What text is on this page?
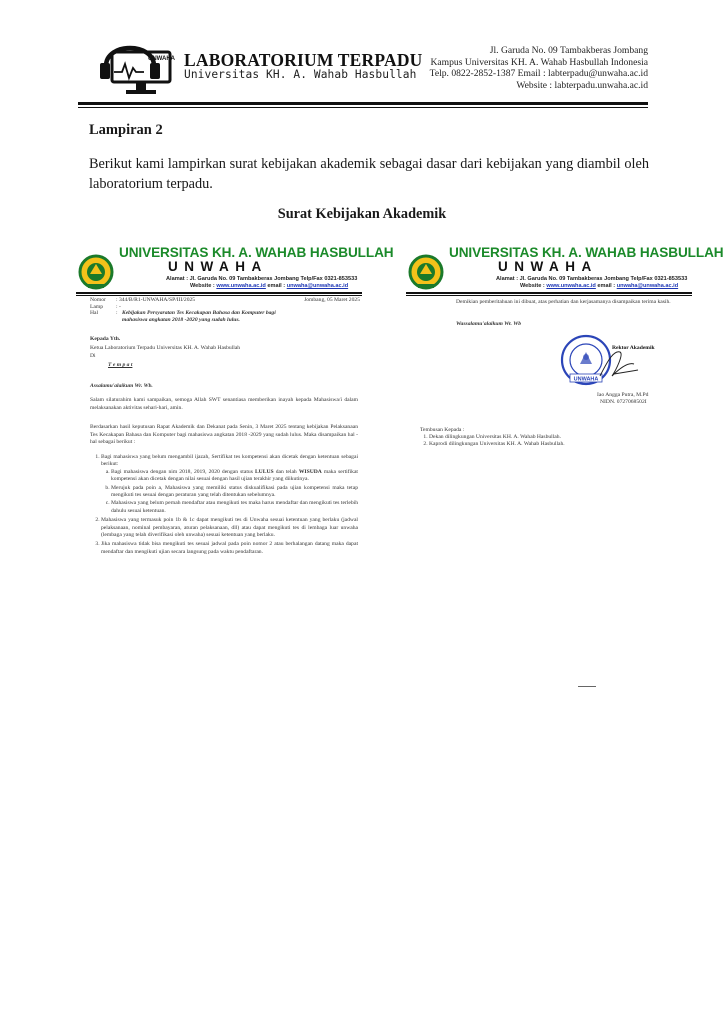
UNWAHA LABORATORIUM TERPADU
Universitas KH. A. Wahab Hasbullah
Jl. Garuda No. 09 Tambakberas Jombang
Kampus Universitas KH. A. Wahab Hasbullah Indonesia
Telp. 0822-2852-1387 Email : labterpadu@unwaha.ac.id
Website : labterpadu.unwaha.ac.id
Lampiran 2
Berikut kami lampirkan surat kebijakan akademik sebagai dasar dari kebijakan yang diambil oleh laboratorium terpadu.
Surat Kebijakan Akademik
UNIVERSITAS KH. A. WAHAB HASBULLAH
UNWAHA
Alamat : Jl. Garuda No. 09 Tambakberas Jombang Telp/Fax 0321-853533
Website : www.unwaha.ac.id email : unwaha@unwaha.ac.id
Nomor	: 344/B/R1-UNWAHA/SP/III/2025	Jombang, 05 Maret 2025
Lamp	: -	
Hal	: Kebijakan Persyaratan Tes Kecakapan Bahasa dan Komputer bagi mahasiswa angkatan 2018 -2020 yang sudah lulus.	
Kepada Yth.
Ketua Laboratorium Terpadu Universitas KH. A. Wahab Hasbullah
Di
T e m p a t
Assalamu'alaikum Wr. Wb.
Salam silaturahim kami sampaikan, semoga Allah SWT senantiasa memberikan inayah kepada Mahasiswa/i dalam melaksanakan aktivitas sehari-hari, amin.
Berdasarkan hasil keputusan Rapat Akademik dan Dekanat pada Senin, 3 Maret 2025 tentang kebijakan Pelaksanaan Tes Kecakapan Bahasa dan Komputer bagi mahasiswa angkatan 2018 -2029 yang sudah lulus. Maka disampaikan hal - hal sebagai berikut :
1. Bagi mahasiswa yang belum mengambil ijazah, Sertifikat tes kompetensi akan dicetak dengan ketentuan sebagai berikut:
a. Bagi mahasiswa dengan nim 2018, 2019, 2020 dengan status LULUS dan telah WISUDA maka sertifikat kompetensi akan dicetak dengan nilai sesuai dengan hasil ujian terakhir yang diikutinya.
b. Merujuk pada poin a, Mahasiswa yang memiliki status diskualifikasi pada ujian kompetensi maka tetap mengikuti tes sesuai dengan peraturan yang telah ditentukan sebelumnya.
c. Mahasiswa yang belum pernah mendaftar atau mengikuti tes maka harus mendaftar dan mengikuti tes terlebih dahulu sesuai ketentuan.
2. Mahasiswa yang termasuk poin 1b & 1c dapat mengikuti tes di Unwaha sesuai ketentuan yang berlaku (jadwal pelaksanaan, nominal pembayaran, aturan pelaksanaan, dll) atau dapat mengikuti tes di lembaga luar unwaha (lembaga yang telah diverifikasi oleh unwaha) sesuai ketentuan yang berlaku.
3. Jika mahasiswa tidak bisa mengikuti tes sesuai jadwal pada poin nomor 2 atau berhalangan datang maka dapat mendaftar dan mengikuti ujian secara langsung pada waktu pendaftaran.
UNIVERSITAS KH. A. WAHAB HASBULLAH
UNWAHA
Alamat : Jl. Garuda No. 09 Tambakberas Jombang Telp/Fax 0321-853533
Website : www.unwaha.ac.id email : unwaha@unwaha.ac.id
Demikian pemberitahuan ini dibuat, atas perhatian dan kerjasamanya disampaikan terima kasih.
Wassalamu'alaikum Wr. Wb
UNWAHA
Rektor Akademik
Iao Angga Putra, M.Pd
NIDN. 0727068502I
Tembusan Kepada :
1. Dekan dilingkungan Universitas KH. A. Wahab Hasbullah.
2. Kaprodi dilingkungan Universitas KH. A. Wahab Hasbullah.
